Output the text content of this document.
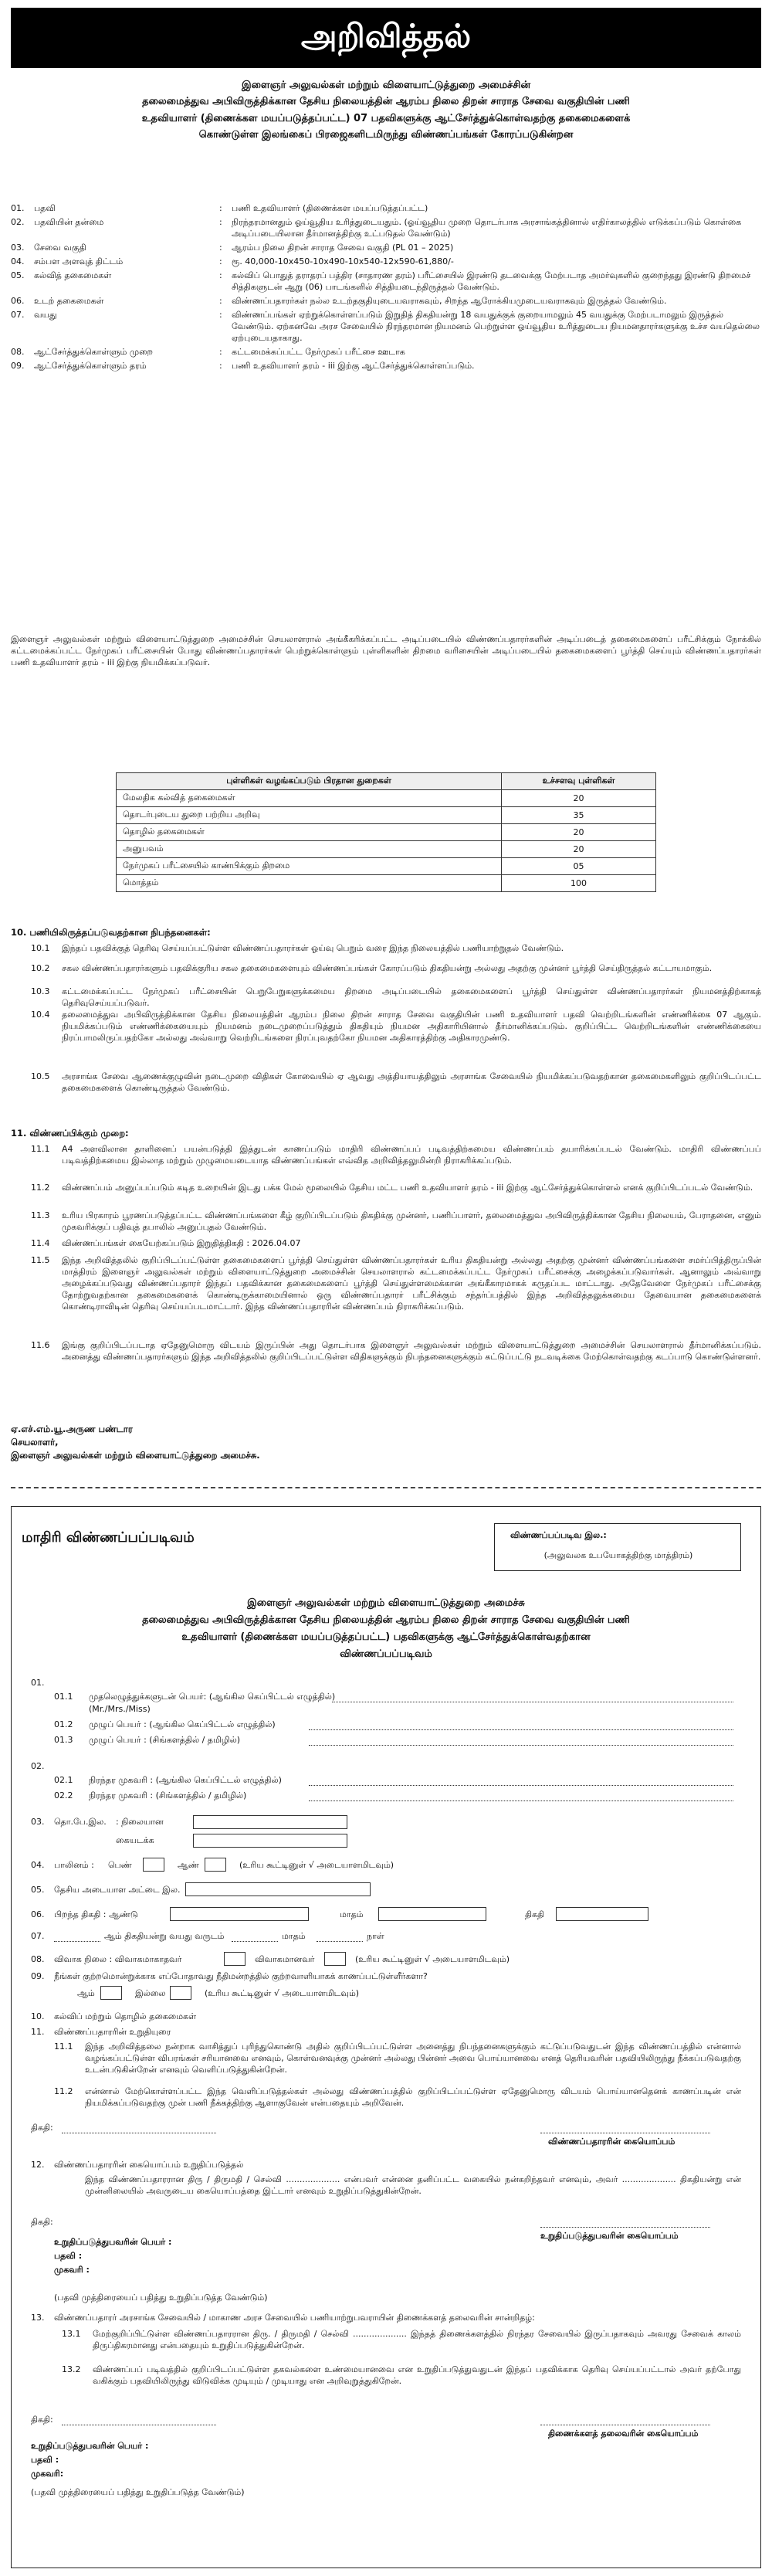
அறிவித்தல்
இளைஞர் அலுவல்கள் மற்றும் விளையாட்டுத்துறை அமைச்சின்
தலைமைத்துவ அபிவிருத்திக்கான தேசிய நிலையத்தின் ஆரம்ப நிலை திறன் சாராத சேவை வகுதியின் பணி
உதவியாளர் (திணைக்கள மயப்படுத்தப்பட்ட) 07 பதவிகளுக்கு ஆட்சேர்த்துக்கொள்வதற்கு தகைமைகளைக்
கொண்டுள்ள இலங்கைப் பிரஜைகளிடமிருந்து விண்ணப்பங்கள் கோரப்படுகின்றன
01.	பதவி	:	பணி உதவியாளர் (திணைக்கள மயப்படுத்தப்பட்ட)
02.	பதவியின் தன்மை	:	நிரந்தரமானதும் ஓய்வூதிய உரித்துடையதும். (ஓய்வூதிய முறை தொடர்பாக அரசாங்கத்தினால் எதிர்காலத்தில் எடுக்கப்படும் கொள்கை அடிப்படையிலான தீர்மானத்திற்கு உட்படுதல் வேண்டும்)
03.	சேவை வகுதி	:	ஆரம்ப நிலை திறன் சாராத சேவை வகுதி (PL 01 – 2025)
04.	சம்பள அளவுத் திட்டம்	:	ரூ. 40,000-10x450-10x490-10x540-12x590-61,880/-
05.	கல்வித் தகைமைகள்	:	கல்விப் பொதுத் தராதரப் பத்திர (சாதாரண தரம்) பரீட்சையில் இரண்டு தடவைக்கு மேற்படாத அமர்வுகளில் குறைந்தது இரண்டு திறமைச் சித்திகளுடன் ஆறு (06) பாடங்களில் சித்தியடைந்திருத்தல் வேண்டும்.
06.	உடற் தகைமைகள்	:	விண்ணப்பதாரர்கள் நல்ல உடற்தகுதியுடையவராகவும், சிறந்த ஆரோக்கியமுடையவராகவும் இருத்தல் வேண்டும்.
07.	வயது	:	விண்ணப்பங்கள் ஏற்றுக்கொள்ளப்படும் இறுதித் திகதியன்று 18 வயதுக்குக் குறையாமலும் 45 வயதுக்கு மேற்படாமலும் இருத்தல் வேண்டும். ஏற்கனவே அரச சேவையில் நிரந்தரமான நியமனம் பெற்றுள்ள ஓய்வூதிய உரித்துடைய நியமனதாரர்களுக்கு உச்ச வயதெல்லை ஏற்புடையதாகாது.
08.	ஆட்சேர்த்துக்கொள்ளும் முறை	:	கட்டமைக்கப்பட்ட நேர்முகப் பரீட்சை ஊடாக
09.	ஆட்சேர்த்துக்கொள்ளும் தரம்	:	பணி உதவியாளர் தரம் - iii இற்கு ஆட்சேர்த்துக்கொள்ளப்படும்.
இளைஞர் அலுவல்கள் மற்றும் விளையாட்டுத்துறை அமைச்சின் செயலாளரால் அங்கீகரிக்கப்பட்ட அடிப்படையில் விண்ணப்பதாரர்களின் அடிப்படைத் தகைமைகளைப் பரீட்சிக்கும் நோக்கில் கட்டமைக்கப்பட்ட நேர்முகப் பரீட்சையின் போது விண்ணப்பதாரர்கள் பெற்றுக்கொள்ளும் புள்ளிகளின் திறமை வரிசையின் அடிப்படையில் தகைமைகளைப் பூர்த்தி செய்யும் விண்ணப்பதாரர்கள் பணி உதவியாளர் தரம் - iii இற்கு நியமிக்கப்படுவர்.
புள்ளிகள் வழங்கப்படும் பிரதான துறைகள்	உச்சளவு புள்ளிகள்
மேலதிக கல்வித் தகைமைகள்	20
தொடர்புடைய துறை பற்றிய அறிவு	35
தொழில் தகைமைகள்	20
அனுபவம்	20
நேர்முகப் பரீட்சையில் காண்பிக்கும் திறமை	05
மொத்தம்	100
10. பணியிலிருத்தப்படுவதற்கான நிபந்தனைகள்:
10.1	இந்தப் பதவிக்குத் தெரிவு செய்யப்பட்டுள்ள விண்ணப்பதாரர்கள் ஓய்வு பெறும் வரை இந்த நிலையத்தில் பணியாற்றுதல் வேண்டும்.
10.2	சகல விண்ணப்பதாரர்களும் பதவிக்குரிய சகல தகைமைகளையும் விண்ணப்பங்கள் கோரப்படும் திகதியன்று அல்லது அதற்கு முன்னர் பூர்த்தி செய்திருத்தல் கட்டாயமாகும்.
10.3	கட்டமைக்கப்பட்ட நேர்முகப் பரீட்சையின் பெறுபேறுகளுக்கமைய திறமை அடிப்படையில் தகைமைகளைப் பூர்த்தி செய்துள்ள விண்ணப்பதாரர்கள் நியமனத்திற்காகத் தெரிவுசெய்யப்படுவர்.
10.4	தலைமைத்துவ அபிவிருத்திக்கான தேசிய நிலையத்தின் ஆரம்ப நிலை திறன் சாராத சேவை வகுதியின் பணி உதவியாளர் பதவி வெற்றிடங்களின் எண்ணிக்கை 07 ஆகும். நியமிக்கப்படும் எண்ணிக்கையையும் நியமனம் நடைமுறைப்படுத்தும் திகதியும் நியமன அதிகாரியினால் தீர்மானிக்கப்படும். குறிப்பிட்ட வெற்றிடங்களின் எண்ணிக்கையை நிரப்பாமலிருப்பதற்கோ அல்லது அவ்வாறு வெற்றிடங்களை நிரப்புவதற்கோ நியமன அதிகாரத்திற்கு அதிகாரமுண்டு.
10.5	அரசாங்க சேவை ஆணைக்குழுவின் நடைமுறை விதிகள் கோவையில் ஏ ஆவது அத்தியாயத்திலும் அரசாங்க சேவையில் நியமிக்கப்படுவதற்கான தகைமைகளிலும் குறிப்பிடப்பட்ட தகைமைகளைக் கொண்டிருத்தல் வேண்டும்.
11. விண்ணப்பிக்கும் முறை:
11.1	A4 அளவிலான தாளினைப் பயன்படுத்தி இத்துடன் காணப்படும் மாதிரி விண்ணப்பப் படிவத்திற்கமைய விண்ணப்பம் தயாரிக்கப்படல் வேண்டும். மாதிரி விண்ணப்பப் படிவத்திற்கமைய இல்லாத மற்றும் முழுமையடையாத விண்ணப்பங்கள் எவ்வித அறிவித்தலுமின்றி நிராகரிக்கப்படும்.
11.2	விண்ணப்பம் அனுப்பப்படும் கடித உறையின் இடது பக்க மேல் மூலையில் தேசிய மட்ட பணி உதவியாளர் தரம் - iii இற்கு ஆட்சேர்த்துக்கொள்ளல் எனக் குறிப்பிடப்படல் வேண்டும்.
11.3	உரிய பிரகாரம் பூரணப்படுத்தப்பட்ட விண்ணப்பங்களை கீழ் குறிப்பிடப்படும் திகதிக்கு முன்னர், பணிப்பாளர், தலைமைத்துவ அபிவிருத்திக்கான தேசிய நிலையம், பேராதனை, எனும் முகவரிக்குப் பதிவுத் தபாலில் அனுப்புதல் வேண்டும்.
11.4	விண்ணப்பங்கள் கையேற்கப்படும் இறுதித்திகதி : 2026.04.07
11.5	இந்த அறிவித்தலில் குறிப்பிடப்பட்டுள்ள தகைமைகளைப் பூர்த்தி செய்துள்ள விண்ணப்பதாரர்கள் உரிய திகதியன்று அல்லது அதற்கு முன்னர் விண்ணப்பங்களை சமர்ப்பித்திருப்பின் மாத்திரம் இளைஞர் அலுவல்கள் மற்றும் விளையாட்டுத்துறை அமைச்சின் செயலாளரால் கட்டமைக்கப்பட்ட நேர்முகப் பரீட்சைக்கு அழைக்கப்படுவார்கள். ஆனாலும் அவ்வாறு அழைக்கப்படுவது விண்ணப்பதாரர் இந்தப் பதவிக்கான தகைமைகளைப் பூர்த்தி செய்துள்ளமைக்கான அங்கீகாரமாகக் கருதப்பட மாட்டாது. அதேவேளை நேர்முகப் பரீட்சைக்கு தோற்றுவதற்கான தகைமைகளைக் கொண்டிருக்காமையினால் ஒரு விண்ணப்பதாரர் பரீட்சிக்கும் சந்தர்ப்பத்தில் இந்த அறிவித்தலுக்கமைய தேவையான தகைமைகளைக் கொண்டிராவிடின் தெரிவு செய்யப்படமாட்டார். இந்த விண்ணப்பதாரரின் விண்ணப்பம் நிராகரிக்கப்படும்.
11.6	இங்கு குறிப்பிடப்படாத ஏதேனுமொரு விடயம் இருப்பின் அது தொடர்பாக இளைஞர் அலுவல்கள் மற்றும் விளையாட்டுத்துறை அமைச்சின் செயலாளரால் தீர்மானிக்கப்படும். அனைத்து விண்ணப்பதாரர்களும் இந்த அறிவித்தலில் குறிப்பிடப்பட்டுள்ள விதிகளுக்கும் நிபந்தனைகளுக்கும் கட்டுப்பட்டு நடவடிக்கை மேற்கொள்வதற்கு கடப்பாடு கொண்டுள்ளனர்.
ஏ.எச்.எம்.யூ.அருண பண்டார
செயலாளர்,
இளைஞர் அலுவல்கள் மற்றும் விளையாட்டுத்துறை அமைச்சு.
மாதிரி விண்ணப்பப்படிவம்	விண்ணப்பப்படிவ இல.:
(அலுவலக உபயோகத்திற்கு மாத்திரம்)
இளைஞர் அலுவல்கள் மற்றும் விளையாட்டுத்துறை அமைச்சு
தலைமைத்துவ அபிவிருத்திக்கான தேசிய நிலையத்தின் ஆரம்ப நிலை திறன் சாராத சேவை வகுதியின் பணி
உதவியாளர் (திணைக்கள மயப்படுத்தப்பட்ட) பதவிகளுக்கு ஆட்சேர்த்துக்கொள்வதற்கான
விண்ணப்பப்படிவம்
01.
01.1 முதலெழுத்துக்களுடன் பெயர்: (ஆங்கில கெப்பிட்டல் எழுத்தில்)
(Mr./Mrs./Miss)
01.2 முழுப் பெயர் : (ஆங்கில கெப்பிட்டல் எழுத்தில்)
01.3 முழுப் பெயர் : (சிங்களத்தில் / தமிழில்)
02.
02.1 நிரந்தர முகவரி : (ஆங்கில கெப்பிட்டல் எழுத்தில்)
02.2 நிரந்தர முகவரி : (சிங்களத்தில் / தமிழில்)
03. தொ.பே.இல. : நிலையான
கையடக்க
04. பாலினம் : பெண்	ஆண்	(உரிய கூட்டினுள் √ அடையாளமிடவும்)
05. தேசிய அடையாள அட்டை இல.
06. பிறந்த திகதி : ஆண்டு	மாதம்	திகதி
07.	ஆம் திகதியன்று வயது வருடம்	மாதம்	நாள்
08. விவாக நிலை : விவாகமாகாதவர்	விவாகமானவர்	(உரிய கூட்டினுள் √ அடையாளமிடவும்)
09. நீங்கள் குற்றமொன்றுக்காக எப்போதாவது நீதிமன்றத்தில் குற்றவாளியாகக் காணப்பட்டுள்ளீர்களா?
ஆம்	இல்லை	(உரிய கூட்டினுள் √ அடையாளமிடவும்)
10. கல்விப் மற்றும் தொழில் தகைமைகள்
11. விண்ணப்பதாரரின் உறுதியுரை
11.1	இந்த அறிவித்தலை நன்றாக வாசித்துப் புரிந்துகொண்டு அதில் குறிப்பிடப்பட்டுள்ள அனைத்து நிபந்தனைகளுக்கும் கட்டுப்படுவதுடன் இந்த விண்ணப்பத்தில் என்னால் வழங்கப்பட்டுள்ள விபரங்கள் சரியானவை எனவும், கொள்வனவுக்கு முன்னர் அல்லது பின்னர் அவை பொய்யானவை எனத் தெரியவரின் பதவியிலிருந்து நீக்கப்படுவதற்கு உடன்படுகின்றேன் எனவும் வெளிப்படுத்துகின்றேன்.
11.2	என்னால் மேற்கொள்ளப்பட்ட இந்த வெளிப்படுத்தல்கள் அல்லது விண்ணப்பத்தில் குறிப்பிடப்பட்டுள்ள ஏதேனுமொரு விடயம் பொய்யானதெனக் காணப்படின் என் நியமிக்கப்படுவதற்கு முன் பணி நீக்கத்திற்கு ஆளாகுவேன் என்பதையும் அறிவேன்.
திகதி:
விண்ணப்பதாரரின் கையொப்பம்
12. விண்ணப்பதாரரின் கையொப்பம் உறுதிப்படுத்தல்
இந்த விண்ணப்பதாரரான திரு / திருமதி / செல்வி .................... என்பவர் என்னை தனிப்பட்ட வகையில் நன்கறிந்தவர் எனவும், அவர் .................... திகதியன்று என் முன்னிலையில் அவருடைய கையொப்பத்தை இட்டார் எனவும் உறுதிப்படுத்துகின்றேன்.
திகதி:
உறுதிப்படுத்துபவரின் கையொப்பம்
உறுதிப்படுத்துபவரின் பெயர் :
பதவி :
முகவரி :
(பதவி முத்திரையைப் பதித்து உறுதிப்படுத்த வேண்டும்)
13. விண்ணப்பதாரர் அரசாங்க சேவையில் / மாகாண அரச சேவையில் பணியாற்றுபவராயின் திணைக்களத் தலைவரின் சான்றிதழ்:
13.1	மேற்குறிப்பிட்டுள்ள விண்ணப்பதாரரான திரு. / திருமதி / செல்வி .................... இந்தத் திணைக்களத்தில் நிரந்தர சேவையில் இருப்பதாகவும் அவரது சேவைக் காலம் திருப்திகரமானது என்பதையும் உறுதிப்படுத்துகின்றேன்.
13.2	விண்ணப்பப் படிவத்தில் குறிப்பிடப்பட்டுள்ள தகவல்களை உண்மையானவை என உறுதிப்படுத்துவதுடன் இந்தப் பதவிக்காக தெரிவு செய்யப்பட்டால் அவர் தற்போது வகிக்கும் பதவியிலிருந்து விடுவிக்க முடியும் / முடியாது என அறிவுறுத்துகிறேன்.
திகதி:
திணைக்களத் தலைவரின் கையொப்பம்
உறுதிப்படுத்துபவரின் பெயர் :
பதவி :
முகவரி:
(பதவி முத்திரையைப் பதித்து உறுதிப்படுத்த வேண்டும்)
